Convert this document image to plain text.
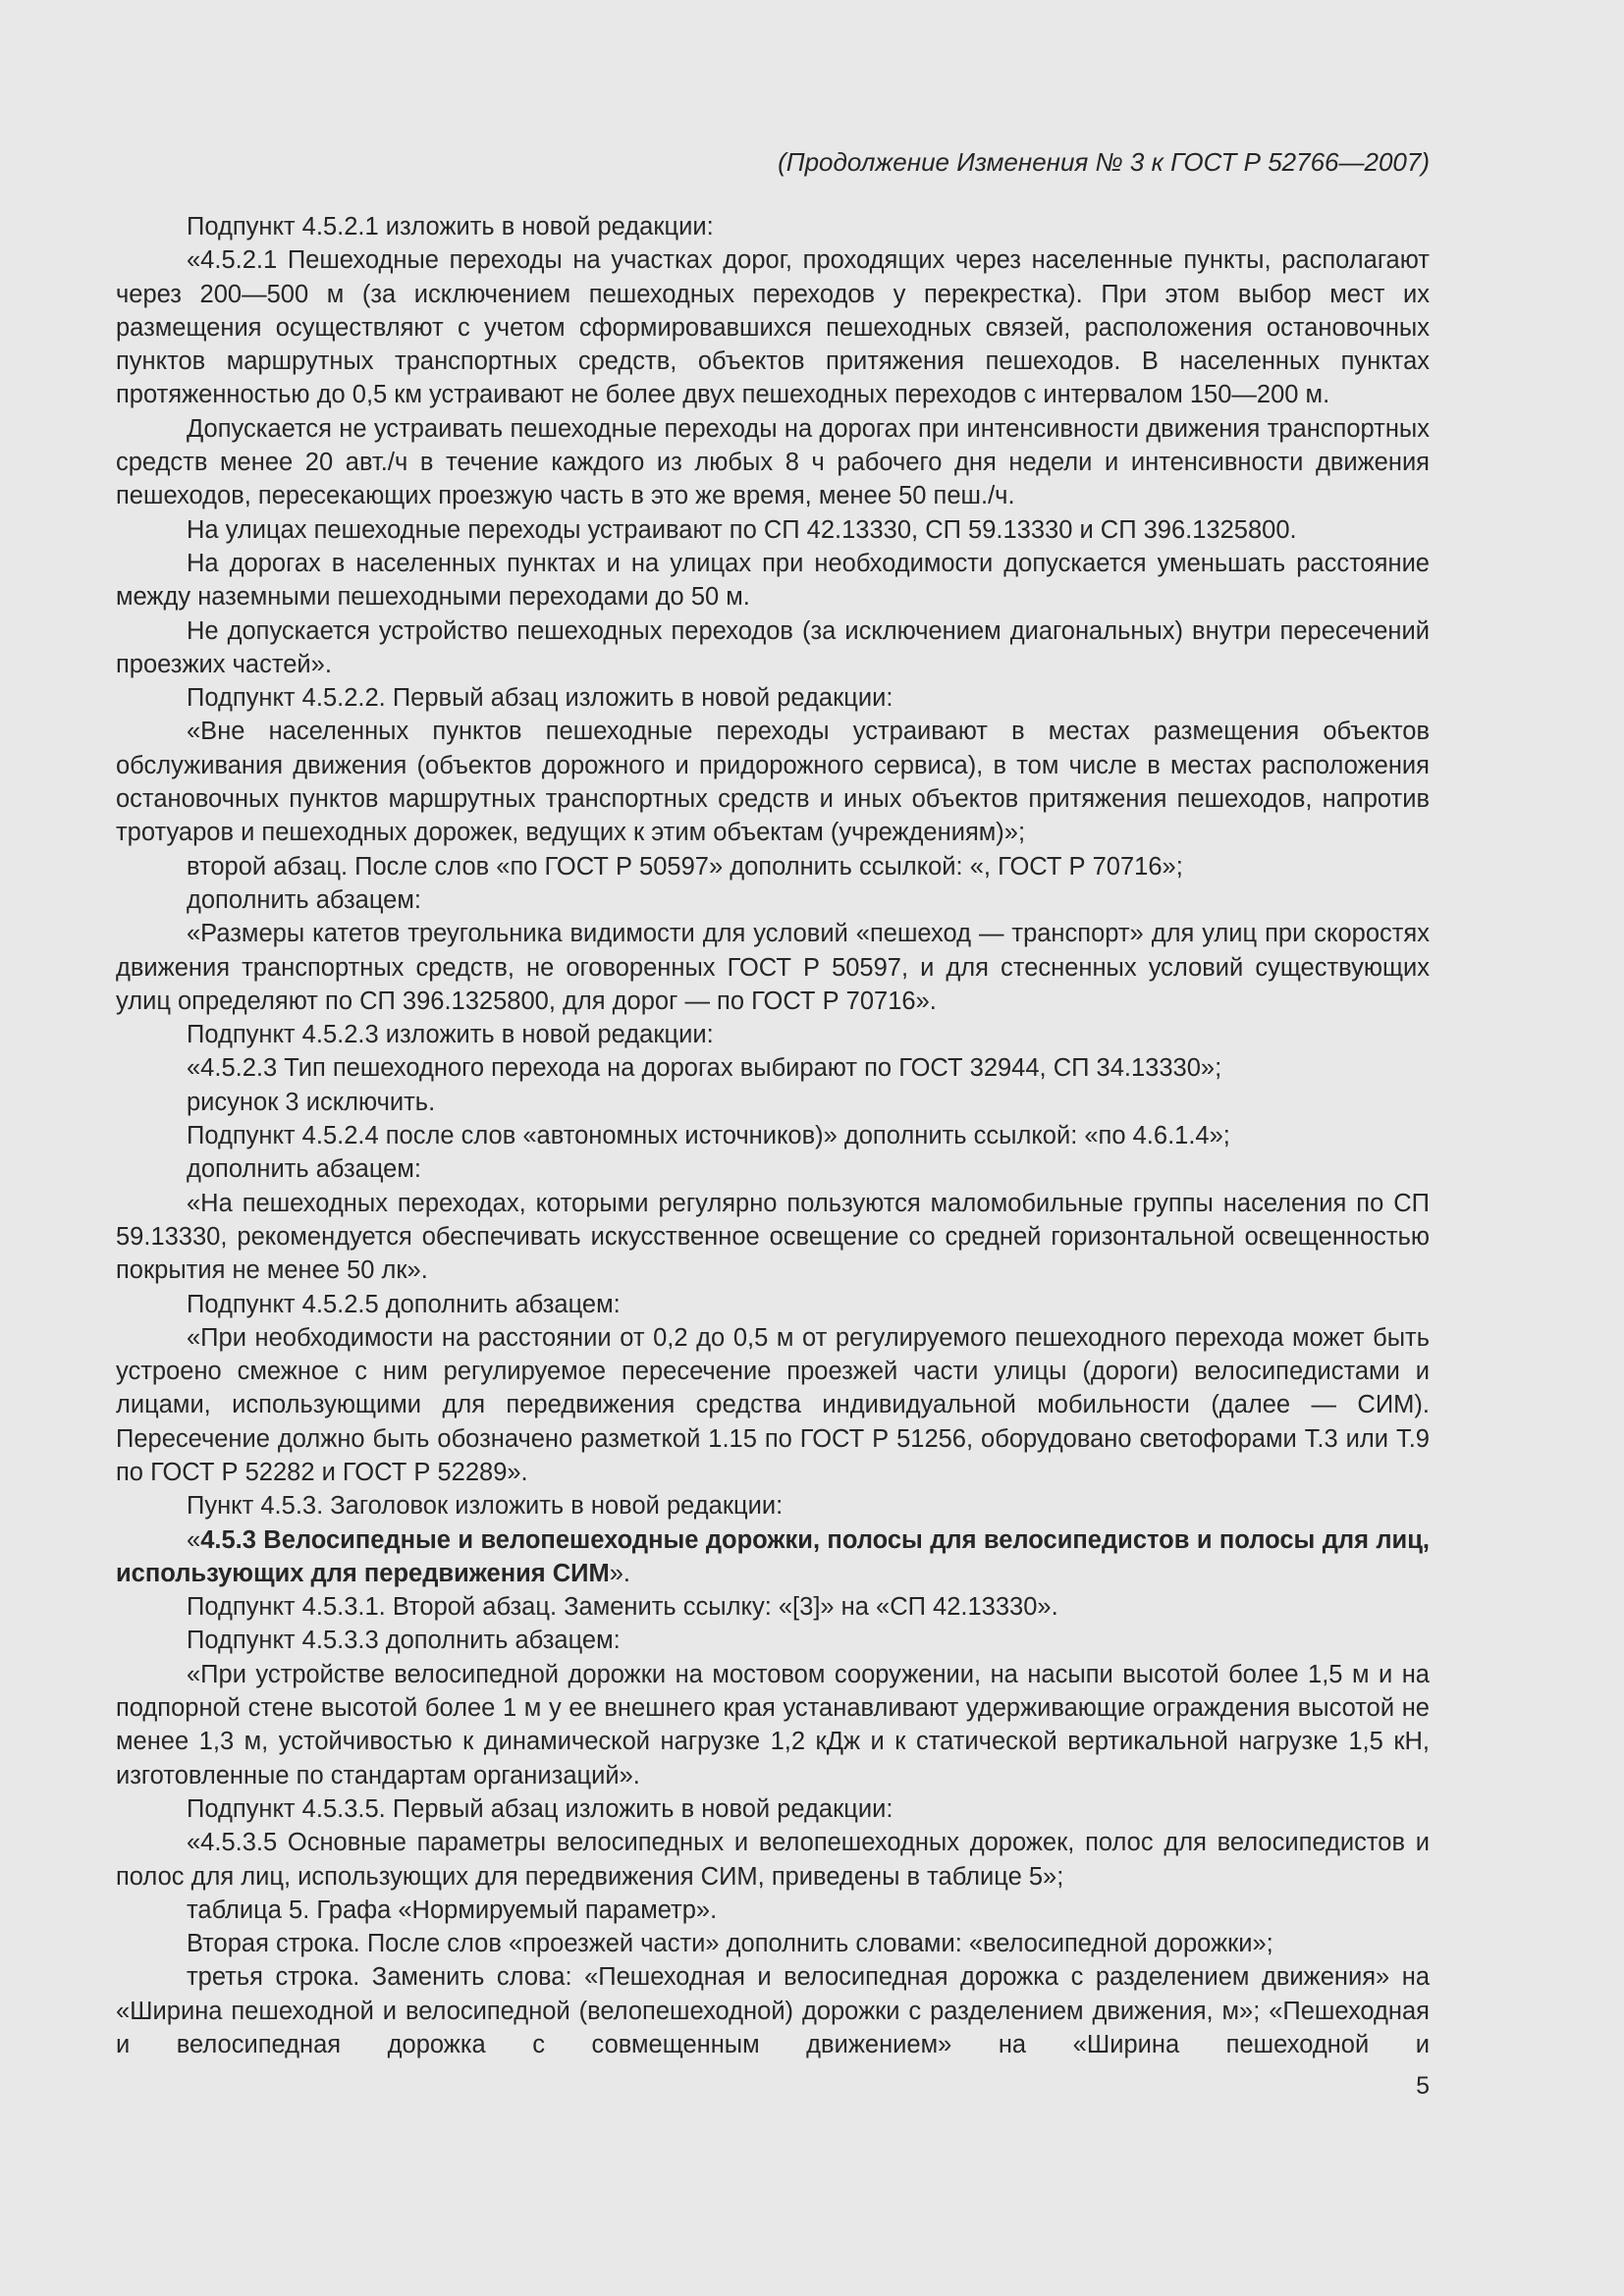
(Продолжение Изменения № 3 к ГОСТ Р 52766—2007)

Подпункт 4.5.2.1 изложить в новой редакции:

«4.5.2.1 Пешеходные переходы на участках дорог, проходящих через населенные пункты, располагают через 200—500 м (за исключением пешеходных переходов у перекрестка). При этом выбор мест их размещения осуществляют с учетом сформировавшихся пешеходных связей, расположения остановочных пунктов маршрутных транспортных средств, объектов притяжения пешеходов. В населенных пунктах протяженностью до 0,5 км устраивают не более двух пешеходных переходов с интервалом 150—200 м.

Допускается не устраивать пешеходные переходы на дорогах при интенсивности движения транспортных средств менее 20 авт./ч в течение каждого из любых 8 ч рабочего дня недели и интенсивности движения пешеходов, пересекающих проезжую часть в это же время, менее 50 пеш./ч.

На улицах пешеходные переходы устраивают по СП 42.13330, СП 59.13330 и СП 396.1325800.

На дорогах в населенных пунктах и на улицах при необходимости допускается уменьшать расстояние между наземными пешеходными переходами до 50 м.

Не допускается устройство пешеходных переходов (за исключением диагональных) внутри пересечений проезжих частей».

Подпункт 4.5.2.2. Первый абзац изложить в новой редакции:

«Вне населенных пунктов пешеходные переходы устраивают в местах размещения объектов обслуживания движения (объектов дорожного и придорожного сервиса), в том числе в местах расположения остановочных пунктов маршрутных транспортных средств и иных объектов притяжения пешеходов, напротив тротуаров и пешеходных дорожек, ведущих к этим объектам (учреждениям)»;

второй абзац. После слов «по ГОСТ Р 50597» дополнить ссылкой: «, ГОСТ Р 70716»;

дополнить абзацем:

«Размеры катетов треугольника видимости для условий «пешеход — транспорт» для улиц при скоростях движения транспортных средств, не оговоренных ГОСТ Р 50597, и для стесненных условий существующих улиц определяют по СП 396.1325800, для дорог — по ГОСТ Р 70716».

Подпункт 4.5.2.3 изложить в новой редакции:

«4.5.2.3 Тип пешеходного перехода на дорогах выбирают по ГОСТ 32944, СП 34.13330»;

рисунок 3 исключить.

Подпункт 4.5.2.4 после слов «автономных источников)» дополнить ссылкой: «по 4.6.1.4»;

дополнить абзацем:

«На пешеходных переходах, которыми регулярно пользуются маломобильные группы населения по СП 59.13330, рекомендуется обеспечивать искусственное освещение со средней горизонтальной освещенностью покрытия не менее 50 лк».

Подпункт 4.5.2.5 дополнить абзацем:

«При необходимости на расстоянии от 0,2 до 0,5 м от регулируемого пешеходного перехода может быть устроено смежное с ним регулируемое пересечение проезжей части улицы (дороги) велосипедистами и лицами, использующими для передвижения средства индивидуальной мобильности (далее — СИМ). Пересечение должно быть обозначено разметкой 1.15 по ГОСТ Р 51256, оборудовано светофорами Т.3 или Т.9 по ГОСТ Р 52282 и ГОСТ Р 52289».

Пункт 4.5.3. Заголовок изложить в новой редакции:

«4.5.3 Велосипедные и велопешеходные дорожки, полосы для велосипедистов и полосы для лиц, использующих для передвижения СИМ».

Подпункт 4.5.3.1. Второй абзац. Заменить ссылку: «[3]» на «СП 42.13330».

Подпункт 4.5.3.3 дополнить абзацем:

«При устройстве велосипедной дорожки на мостовом сооружении, на насыпи высотой более 1,5 м и на подпорной стене высотой более 1 м у ее внешнего края устанавливают удерживающие ограждения высотой не менее 1,3 м, устойчивостью к динамической нагрузке 1,2 кДж и к статической вертикальной нагрузке 1,5 кН, изготовленные по стандартам организаций».

Подпункт 4.5.3.5. Первый абзац изложить в новой редакции:

«4.5.3.5 Основные параметры велосипедных и велопешеходных дорожек, полос для велосипедистов и полос для лиц, использующих для передвижения СИМ, приведены в таблице 5»;

таблица 5. Графа «Нормируемый параметр».

Вторая строка. После слов «проезжей части» дополнить словами: «велосипедной дорожки»;

третья строка. Заменить слова: «Пешеходная и велосипедная дорожка с разделением движения» на «Ширина пешеходной и велосипедной (велопешеходной) дорожки с разделением движения, м»; «Пешеходная и велосипедная дорожка с совмещенным движением» на «Ширина пешеходной и

5
